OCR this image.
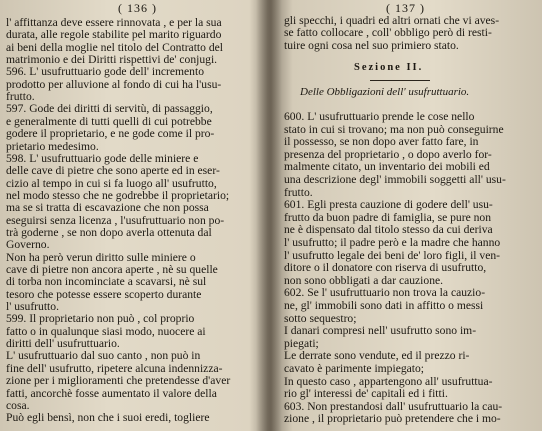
( 136 )
l' affittanza deve essere rinnovata , e per la sua
durata, alle regole stabilite pel marito riguardo
ai beni della moglie nel titolo del Contratto del
matrimonio e dei Diritti rispettivi de' conjugi.
596. L' usufruttuario gode dell' incremento
prodotto per alluvione al fondo di cui ha l'usu-
frutto.
597. Gode dei diritti di servitù, di passaggio,
e generalmente di tutti quelli di cui potrebbe
godere il proprietario, e ne gode come il pro-
prietario medesimo.
598. L' usufruttuario gode delle miniere e
delle cave di pietre che sono aperte ed in eser-
cizio al tempo in cui si fa luogo all' usufrutto,
nel modo stesso che ne godrebbe il proprietario;
ma se si tratta di escavazione che non possa
eseguirsi senza licenza , l'usufruttuario non po-
trà goderne , se non dopo averla ottenuta dal
Governo.
Non ha però verun diritto sulle miniere o
cave di pietre non ancora aperte , nè su quelle
di torba non incominciate a scavarsi, nè sul
tesoro che potesse essere scoperto durante
l' usufrutto.
599. Il proprietario non può , col proprio
fatto o in qualunque siasi modo, nuocere ai
diritti dell' usufruttuario.
L' usufruttuario dal suo canto , non può in
fine dell' usufrutto, ripetere alcuna indennizza-
zione per i miglioramenti che pretendesse d'aver
fatti, ancorchè fosse aumentato il valore della
cosa.
Può egli bensì, non che i suoi eredi, togliere
( 137 )
Sezione II.
Delle Obbligazioni dell' usufruttuario.
gli specchi, i quadri ed altri ornati che vi aves-
se fatto collocare , coll' obbligo però di resti-
tuire ogni cosa nel suo primiero stato.
600. L' usufruttuario prende le cose nello
stato in cui si trovano; ma non può conseguirne
il possesso, se non dopo aver fatto fare, in
presenza del proprietario , o dopo averlo for-
malmente citato, un inventario dei mobili ed
una descrizione degl' immobili soggetti all' usu-
frutto.
601. Egli presta cauzione di godere dell' usu-
frutto da buon padre di famiglia, se pure non
ne è dispensato dal titolo stesso da cui deriva
l' usufrutto; il padre però e la madre che hanno
l' usufrutto legale dei beni de' loro figli, il ven-
ditore o il donatore con riserva di usufrutto,
non sono obbligati a dar cauzione.
602. Se l' usufruttuario non trova la cauzio-
ne, gl' immobili sono dati in affitto o messi
sotto sequestro;
I danari compresi nell' usufrutto sono im-
piegati;
Le derrate sono vendute, ed il prezzo ri-
cavato è parimente impiegato;
In questo caso , appartengono all' usufruttua-
rio gl' interessi de' capitali ed i fitti.
603. Non prestandosi dall' usufruttuario la cau-
zione , il proprietario può pretendere che i mo-
